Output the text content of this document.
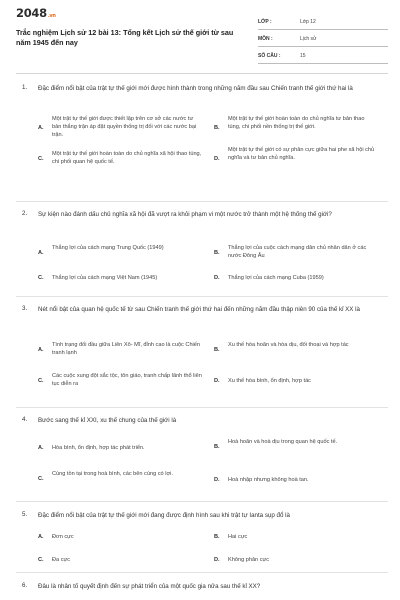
2048.vn
Trắc nghiệm Lịch sử 12 bài 13: Tổng kết Lịch sử thế giới từ sau năm 1945 đến nay
LỚP :	Lớp 12
MÔN :	Lịch sử
SỐ CÂU :	15
1. Đặc điểm nổi bật của trật tự thế giới mới được hình thành trong những năm đầu sau Chiến tranh thế giới thứ hai là
A.
Một trật tự thế giới được thiết lập trên cơ sở các nước tư bản thắng trận áp đặt quyền thống trị đối với các nước bại trận.
B.
Một trật tự thế giới hoàn toàn do chủ nghĩa tư bản thao túng, chi phối nền thống trị thế giới.
C.
Một trật tự thế giới hoàn toàn do chủ nghĩa xã hội thao túng, chi phối quan hệ quốc tế.
D.
Một trật tự thế giới có sự phân cực giữa hai phe xã hội chủ nghĩa và tư bản chủ nghĩa.
2. Sự kiện nào đánh dấu chủ nghĩa xã hội đã vượt ra khỏi phạm vi một nước trở thành một hệ thống thế giới?
A.
Thắng lợi của cách mạng Trung Quốc (1949)
B.
Thắng lợi của cuộc cách mạng dân chủ nhân dân ở các nước Đông Âu
C. Thắng lợi của cách mạng Việt Nam (1945)	D. Thắng lợi của cách mạng Cuba (1959)
3. Nét nổi bật của quan hệ quốc tế từ sau Chiến tranh thế giới thứ hai đến những năm đầu thập niên 90 của thế kỉ XX là
A.
Tình trạng đối đầu giữa Liên Xô- Mĩ, đỉnh cao là cuộc Chiến tranh lạnh
B.
Xu thế hòa hoãn và hòa dịu, đối thoại và hợp tác
C.
Các cuộc xung đột sắc tộc, tôn giáo, tranh chấp lãnh thổ liên tục diễn ra
D. Xu thế hòa bình, ổn định, hợp tác
4. Bước sang thế kỉ XXI, xu thế chung của thế giới là
A. Hòa bình, ổn định, hợp tác phát triển.	B.
Hoà hoãn và hoà dịu trong quan hệ quốc tế.
C.
Cùng tồn tại trong hoà bình, các bên cùng có lợi.
D. Hoà nhập nhưng không hoà tan.
5. Đặc điểm nổi bật của trật tự thế giới mới đang được định hình sau khi trật tự Ianta sụp đổ là
A. Đơn cực	B. Hai cực
C. Đa cực	D. Không phân cực
6. Đâu là nhân tố quyết định đến sự phát triển của một quốc gia nửa sau thế kỉ XX?
